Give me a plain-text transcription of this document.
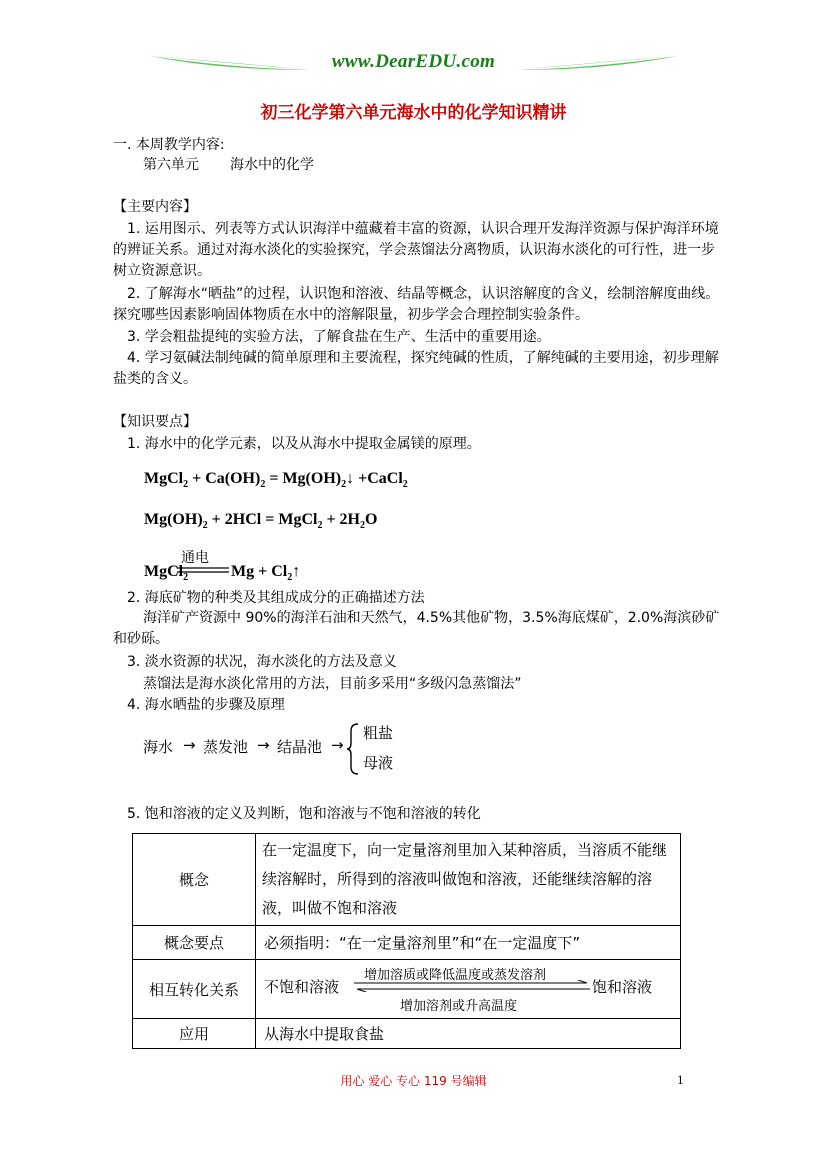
www.DearEDU.com
初三化学第六单元海水中的化学知识精讲
一. 本周教学内容:
第六单元 海水中的化学
【主要内容】
1. 运用图示、列表等方式认识海洋中蕴藏着丰富的资源，认识合理开发海洋资源与保护海洋环境的辨证关系。通过对海水淡化的实验探究，学会蒸馏法分离物质，认识海水淡化的可行性，进一步树立资源意识。
2. 了解海水“晒盐”的过程，认识饱和溶液、结晶等概念，认识溶解度的含义，绘制溶解度曲线。探究哪些因素影响固体物质在水中的溶解限量，初步学会合理控制实验条件。
3. 学会粗盐提纯的实验方法，了解食盐在生产、生活中的重要用途。
4. 学习氨碱法制纯碱的简单原理和主要流程，探究纯碱的性质，了解纯碱的主要用途，初步理解盐类的含义。
【知识要点】
1. 海水中的化学元素，以及从海水中提取金属镁的原理。
MgCl$_2$ + $Ca(OH)_2$ = $Mg(OH)_2↓$ +CaCl$_2$
$Mg(OH)_2 + 2HCl$ = MgCl$_2$ + $2H_2O$
MgCl$_2$
通电
$Mg + Cl_2↑$
2. 海底矿物的种类及其组成成分的正确描述方法
海洋矿产资源中 90%的海洋石油和天然气，4.5%其他矿物，3.5%海底煤矿，2.0%海滨砂矿和砂砾。
3. 淡水资源的状况，海水淡化的方法及意义
蒸馏法是海水淡化常用的方法，目前多采用“多级闪急蒸馏法”
4. 海水晒盐的步骤及原理
海水 → 蒸发池 → 结晶池 →
粗盐
母液
5. 饱和溶液的定义及判断，饱和溶液与不饱和溶液的转化
概念	在一定温度下，向一定量溶剂里加入某种溶质，当溶质不能继续溶解时，所得到的溶液叫做饱和溶液，还能继续溶解的溶液，叫做不饱和溶液
概念要点	必须指明：“在一定量溶剂里”和“在一定温度下”
相互转化关系	不饱和溶液
增加溶质或降低温度或蒸发溶剂
增加溶剂或升高温度
饱和溶液

应用	从海水中提取食盐
用心 爱心 专心 119 号编辑	1
